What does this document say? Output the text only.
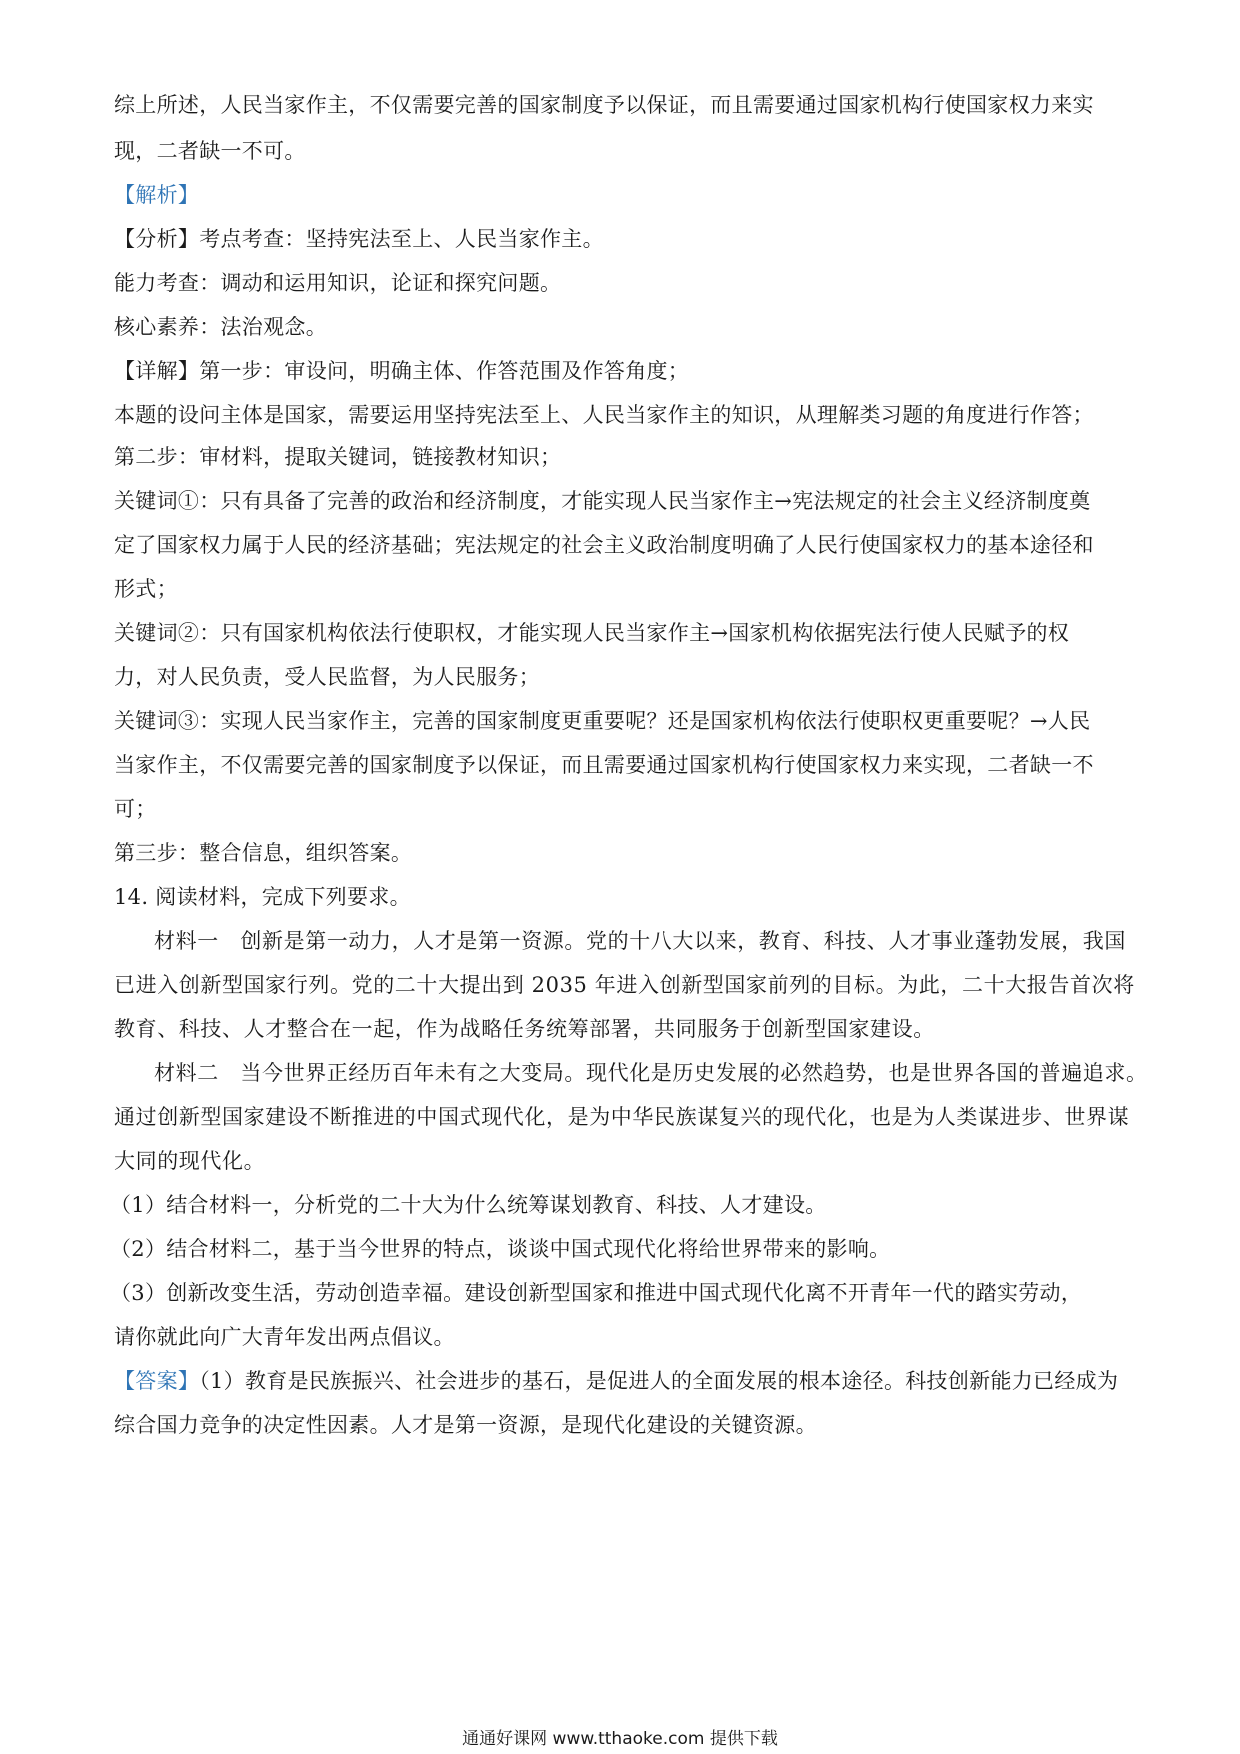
综上所述，人民当家作主，不仅需要完善的国家制度予以保证，而且需要通过国家机构行使国家权力来实
现，二者缺一不可。
【解析】
【分析】考点考查：坚持宪法至上、人民当家作主。
能力考查：调动和运用知识，论证和探究问题。
核心素养：法治观念。
【详解】第一步：审设问，明确主体、作答范围及作答角度；
本题的设问主体是国家，需要运用坚持宪法至上、人民当家作主的知识，从理解类习题的角度进行作答；
第二步：审材料，提取关键词，链接教材知识；
关键词①：只有具备了完善的政治和经济制度，才能实现人民当家作主→宪法规定的社会主义经济制度奠
定了国家权力属于人民的经济基础；宪法规定的社会主义政治制度明确了人民行使国家权力的基本途径和
形式；
关键词②：只有国家机构依法行使职权，才能实现人民当家作主→国家机构依据宪法行使人民赋予的权
力，对人民负责，受人民监督，为人民服务；
关键词③：实现人民当家作主，完善的国家制度更重要呢？还是国家机构依法行使职权更重要呢？→人民
当家作主，不仅需要完善的国家制度予以保证，而且需要通过国家机构行使国家权力来实现，二者缺一不
可；
第三步：整合信息，组织答案。
14. 阅读材料，完成下列要求。
材料一　创新是第一动力，人才是第一资源。党的十八大以来，教育、科技、人才事业蓬勃发展，我国
已进入创新型国家行列。党的二十大提出到 2035 年进入创新型国家前列的目标。为此，二十大报告首次将
教育、科技、人才整合在一起，作为战略任务统筹部署，共同服务于创新型国家建设。
材料二　当今世界正经历百年未有之大变局。现代化是历史发展的必然趋势，也是世界各国的普遍追求。
通过创新型国家建设不断推进的中国式现代化，是为中华民族谋复兴的现代化，也是为人类谋进步、世界谋
大同的现代化。
（1）结合材料一，分析党的二十大为什么统筹谋划教育、科技、人才建设。
（2）结合材料二，基于当今世界的特点，谈谈中国式现代化将给世界带来的影响。
（3）创新改变生活，劳动创造幸福。建设创新型国家和推进中国式现代化离不开青年一代的踏实劳动，
请你就此向广大青年发出两点倡议。
【答案】（1）教育是民族振兴、社会进步的基石，是促进人的全面发展的根本途径。科技创新能力已经成为
综合国力竞争的决定性因素。人才是第一资源，是现代化建设的关键资源。
通通好课网 www.tthaoke.com 提供下载
